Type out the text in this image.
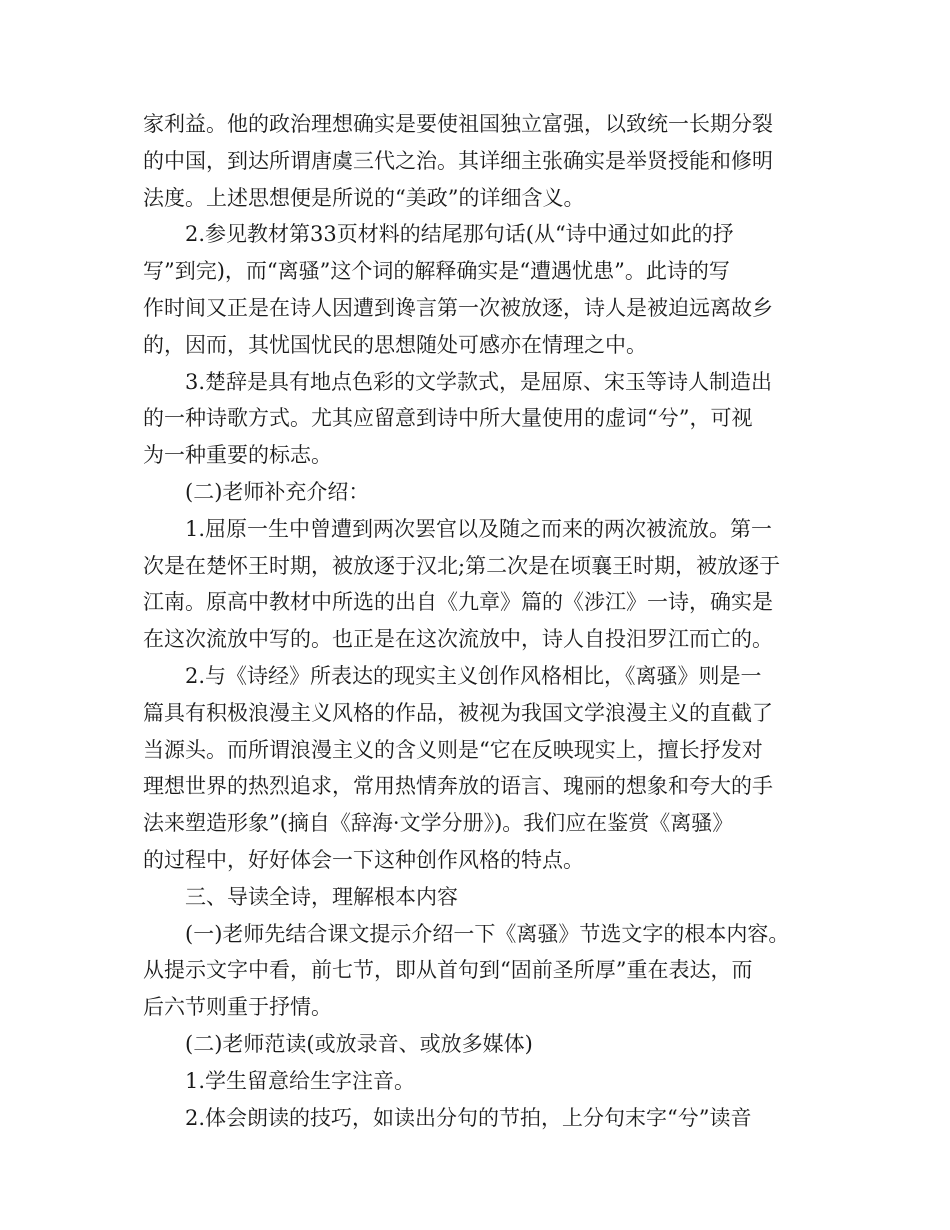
家利益。他的政治理想确实是要使祖国独立富强，以致统一长期分裂
的中国，到达所谓唐虞三代之治。其详细主张确实是举贤授能和修明
法度。上述思想便是所说的“美政”的详细含义。
2.参见教材第33页材料的结尾那句话(从“诗中通过如此的抒
写”到完)，而“离骚”这个词的解释确实是“遭遇忧患”。此诗的写
作时间又正是在诗人因遭到谗言第一次被放逐，诗人是被迫远离故乡
的，因而，其忧国忧民的思想随处可感亦在情理之中。
3.楚辞是具有地点色彩的文学款式，是屈原、宋玉等诗人制造出
的一种诗歌方式。尤其应留意到诗中所大量使用的虚词“兮”，可视
为一种重要的标志。
(二)老师补充介绍：
1.屈原一生中曾遭到两次罢官以及随之而来的两次被流放。第一
次是在楚怀王时期，被放逐于汉北;第二次是在顷襄王时期，被放逐于
江南。原高中教材中所选的出自《九章》篇的《涉江》一诗，确实是
在这次流放中写的。也正是在这次流放中，诗人自投汨罗江而亡的。
2.与《诗经》所表达的现实主义创作风格相比，《离骚》则是一
篇具有积极浪漫主义风格的作品，被视为我国文学浪漫主义的直截了
当源头。而所谓浪漫主义的含义则是“它在反映现实上，擅长抒发对
理想世界的热烈追求，常用热情奔放的语言、瑰丽的想象和夸大的手
法来塑造形象”(摘自《辞海·文学分册》)。我们应在鉴赏《离骚》
的过程中，好好体会一下这种创作风格的特点。
三、导读全诗，理解根本内容
(一)老师先结合课文提示介绍一下《离骚》节选文字的根本内容。
从提示文字中看，前七节，即从首句到“固前圣所厚”重在表达，而
后六节则重于抒情。
(二)老师范读(或放录音、或放多媒体)
1.学生留意给生字注音。
2.体会朗读的技巧，如读出分句的节拍，上分句末字“兮”读音
